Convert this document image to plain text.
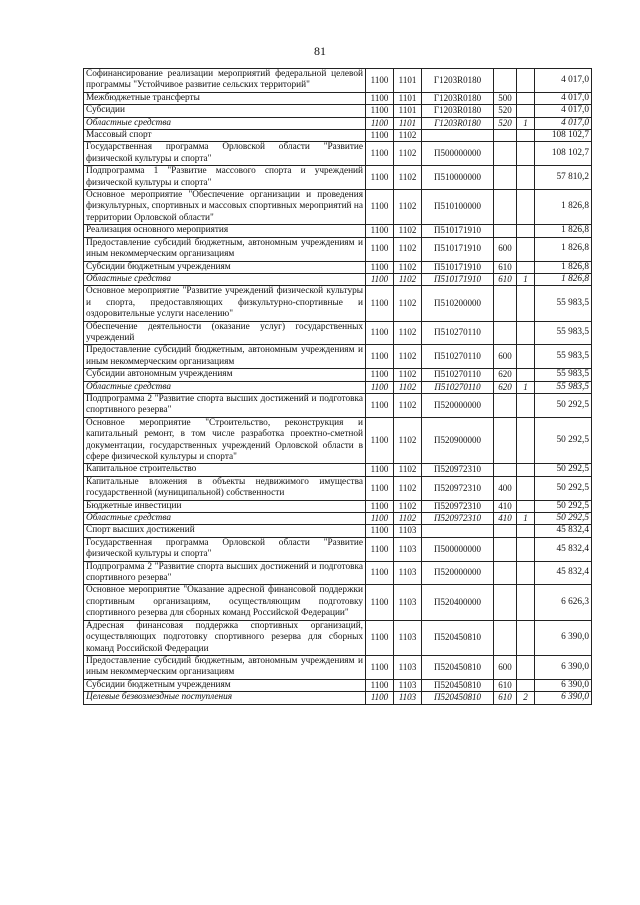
81
Софинансирование реализации мероприятий федеральной целевой программы "Устойчивое развитие сельских территорий"	1100	1101	Г1203R0180			4 017,0
Межбюджетные трансферты	1100	1101	Г1203R0180	500		4 017,0
Субсидии	1100	1101	Г1203R0180	520		4 017,0
Областные средства	1100	1101	Г1203R0180	520	1	4 017,0
Массовый спорт	1100	1102				108 102,7
Государственная программа Орловской области "Развитие физической культуры и спорта"	1100	1102	П500000000			108 102,7
Подпрограмма 1 "Развитие массового спорта и учреждений физической культуры и спорта"	1100	1102	П510000000			57 810,2
Основное мероприятие "Обеспечение организации и проведения физкультурных, спортивных и массовых спортивных мероприятий на территории Орловской области"	1100	1102	П510100000			1 826,8
Реализация основного мероприятия	1100	1102	П510171910			1 826,8
Предоставление субсидий бюджетным, автономным учреждениям и иным некоммерческим организациям	1100	1102	П510171910	600		1 826,8
Субсидии бюджетным учреждениям	1100	1102	П510171910	610		1 826,8
Областные средства	1100	1102	П510171910	610	1	1 826,8
Основное мероприятие "Развитие учреждений физической культуры и спорта, предоставляющих физкультурно-спортивные и оздоровительные услуги населению"	1100	1102	П510200000			55 983,5
Обеспечение деятельности (оказание услуг) государственных учреждений	1100	1102	П510270110			55 983,5
Предоставление субсидий бюджетным, автономным учреждениям и иным некоммерческим организациям	1100	1102	П510270110	600		55 983,5
Субсидии автономным учреждениям	1100	1102	П510270110	620		55 983,5
Областные средства	1100	1102	П510270110	620	1	55 983,5
Подпрограмма 2 "Развитие спорта высших достижений и подготовка спортивного резерва"	1100	1102	П520000000			50 292,5
Основное мероприятие "Строительство, реконструкция и капитальный ремонт, в том числе разработка проектно-сметной документации, государственных учреждений Орловской области в сфере физической культуры и спорта"	1100	1102	П520900000			50 292,5
Капитальное строительство	1100	1102	П520972310			50 292,5
Капитальные вложения в объекты недвижимого имущества государственной (муниципальной) собственности	1100	1102	П520972310	400		50 292,5
Бюджетные инвестиции	1100	1102	П520972310	410		50 292,5
Областные средства	1100	1102	П520972310	410	1	50 292,5
Спорт высших достижений	1100	1103				45 832,4
Государственная программа Орловской области "Развитие физической культуры и спорта"	1100	1103	П500000000			45 832,4
Подпрограмма 2 "Развитие спорта высших достижений и подготовка спортивного резерва"	1100	1103	П520000000			45 832,4
Основное мероприятие "Оказание адресной финансовой поддержки спортивным организациям, осуществляющим подготовку спортивного резерва для сборных команд Российской Федерации"	1100	1103	П520400000			6 626,3
Адресная финансовая поддержка спортивных организаций, осуществляющих подготовку спортивного резерва для сборных команд Российской Федерации	1100	1103	П520450810			6 390,0
Предоставление субсидий бюджетным, автономным учреждениям и иным некоммерческим организациям	1100	1103	П520450810	600		6 390,0
Субсидии бюджетным учреждениям	1100	1103	П520450810	610		6 390,0
Целевые безвозмездные поступления	1100	1103	П520450810	610	2	6 390,0
